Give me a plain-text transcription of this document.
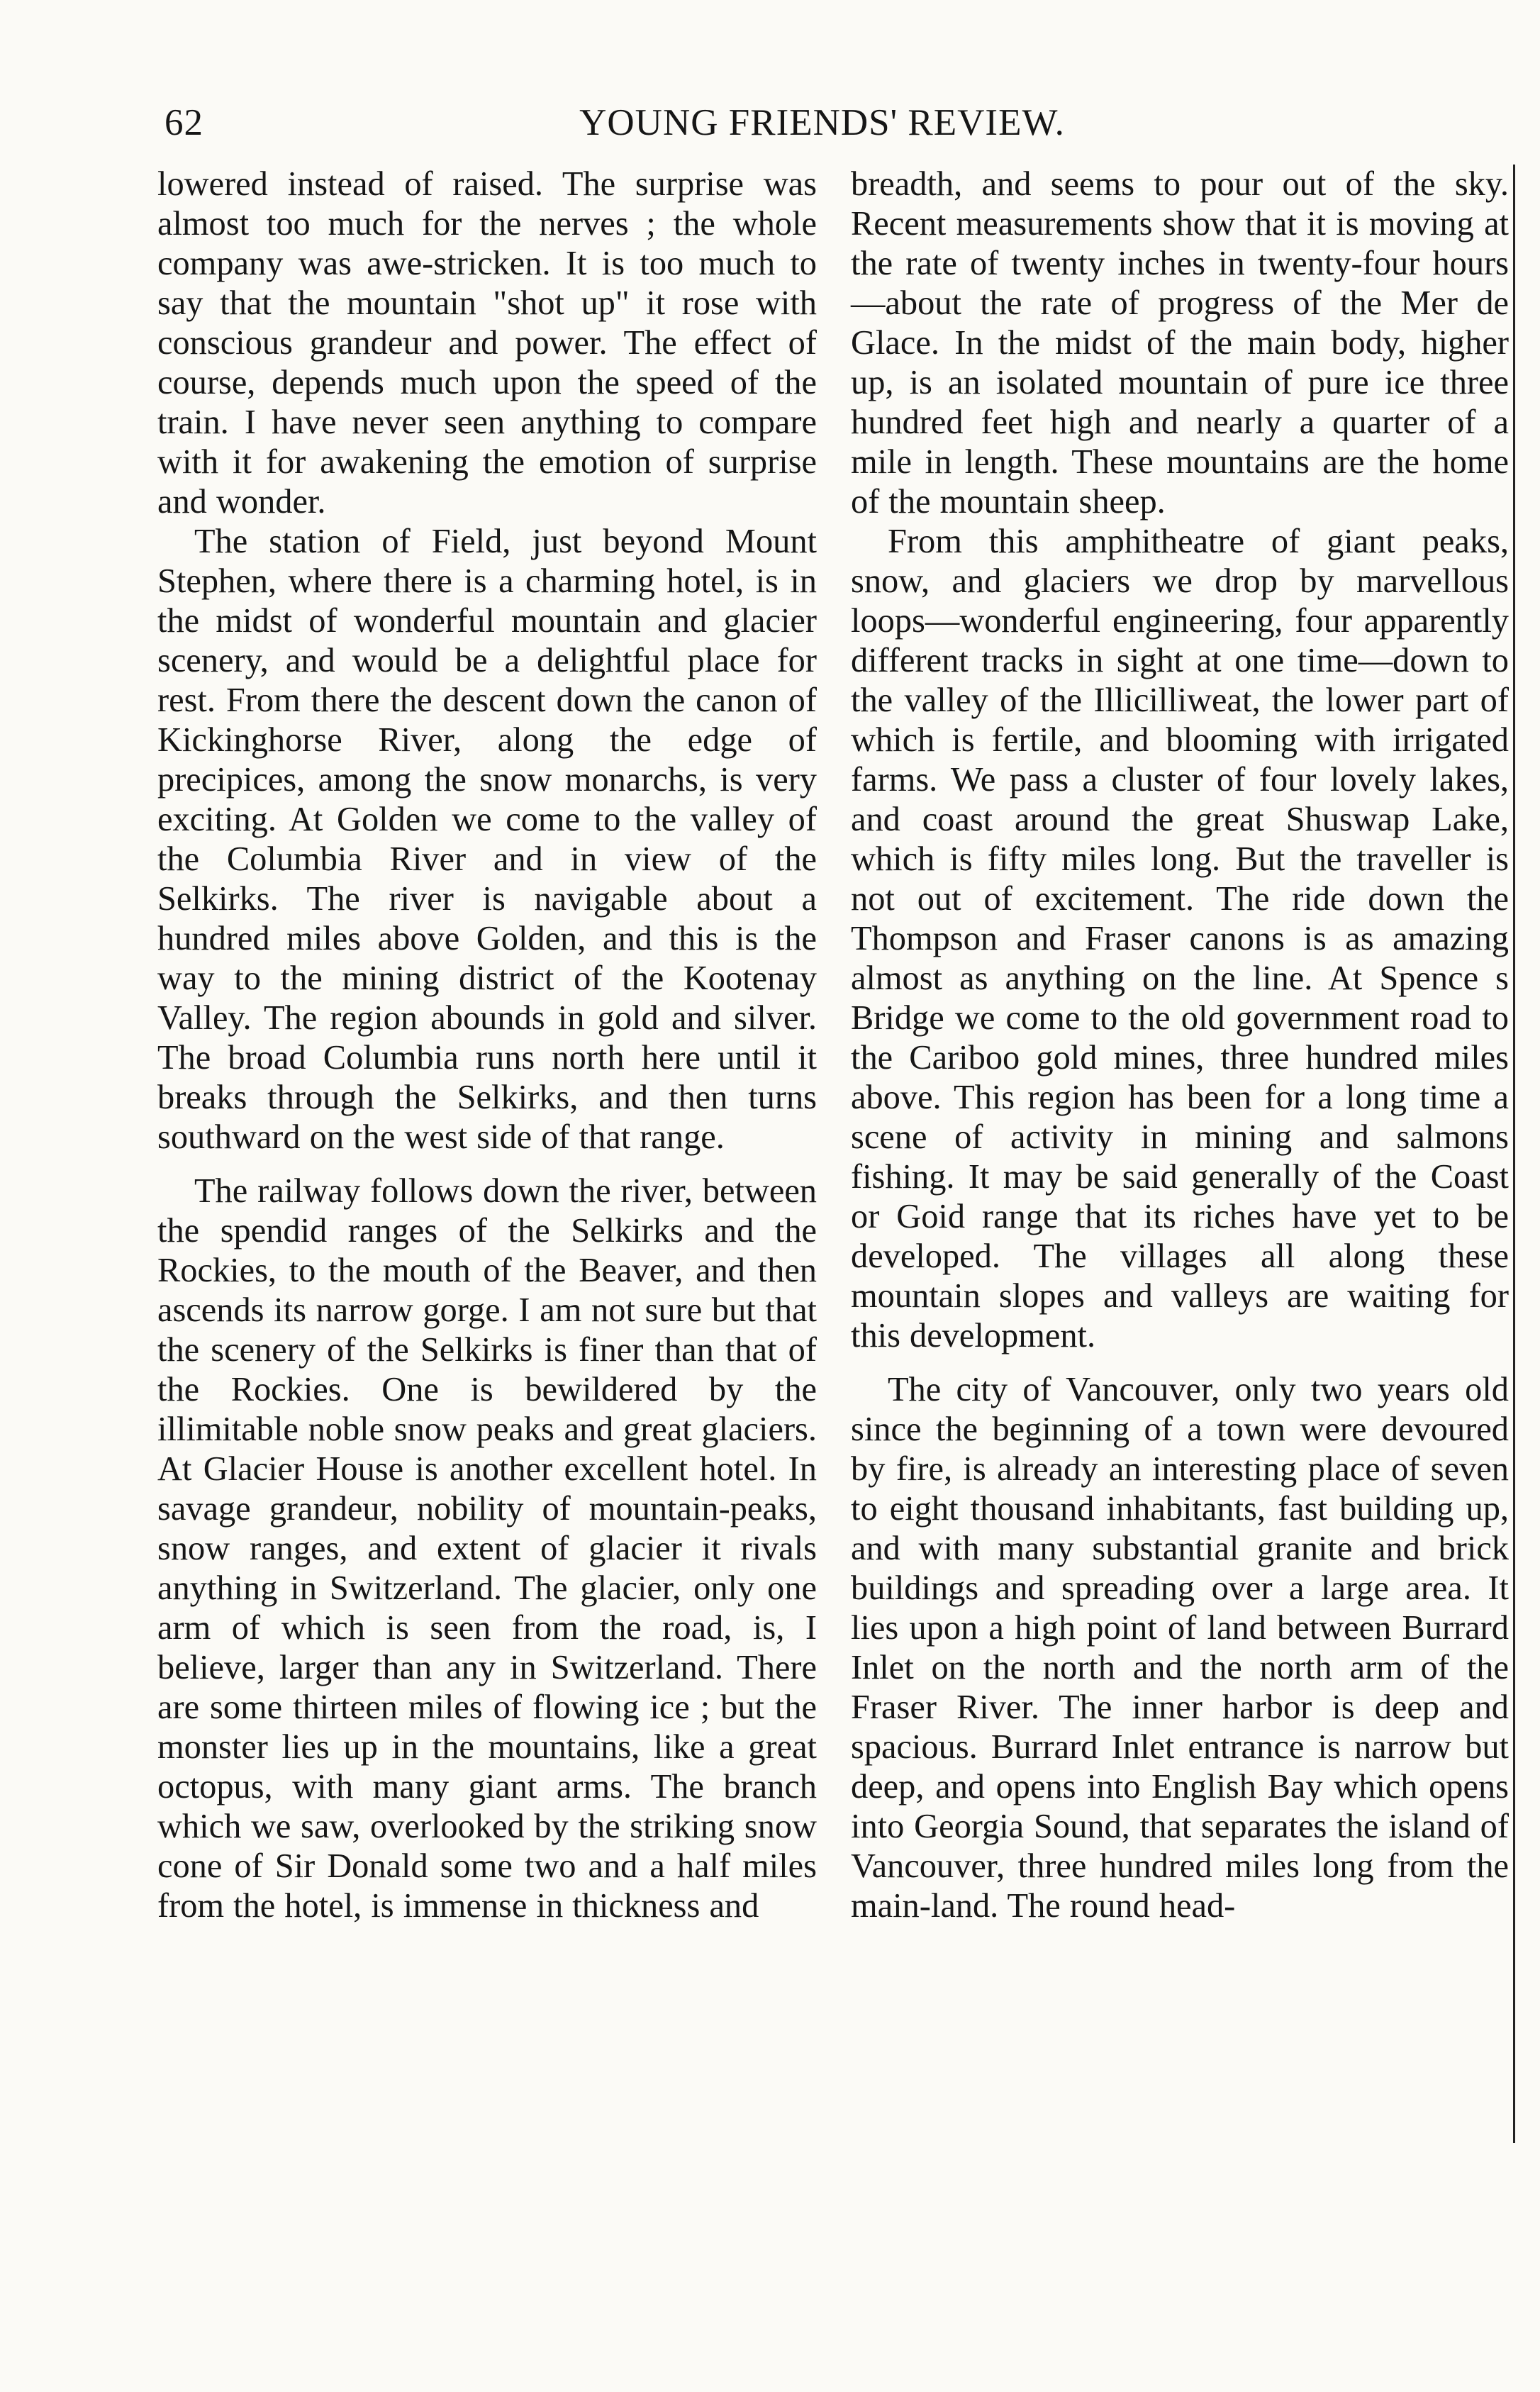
62	YOUNG FRIENDS' REVIEW.

lowered instead of raised. The surprise was almost too much for the nerves ; the whole company was awe-stricken. It is too much to say that the mountain "shot up" it rose with conscious grandeur and power. The effect of course, depends much upon the speed of the train. I have never seen anything to compare with it for awakening the emotion of surprise and wonder.

The station of Field, just beyond Mount Stephen, where there is a charming hotel, is in the midst of wonderful mountain and glacier scenery, and would be a delightful place for rest. From there the descent down the canon of Kickinghorse River, along the edge of precipices, among the snow monarchs, is very exciting. At Golden we come to the valley of the Columbia River and in view of the Selkirks. The river is navigable about a hundred miles above Golden, and this is the way to the mining district of the Kootenay Valley. The region abounds in gold and silver. The broad Columbia runs north here until it breaks through the Selkirks, and then turns southward on the west side of that range.

The railway follows down the river, between the spendid ranges of the Selkirks and the Rockies, to the mouth of the Beaver, and then ascends its narrow gorge. I am not sure but that the scenery of the Selkirks is finer than that of the Rockies. One is bewildered by the illimitable noble snow peaks and great glaciers. At Glacier House is another excellent hotel. In savage grandeur, nobility of mountain-peaks, snow ranges, and extent of glacier it rivals anything in Switzerland. The glacier, only one arm of which is seen from the road, is, I believe, larger than any in Switzerland. There are some thirteen miles of flowing ice ; but the monster lies up in the mountains, like a great octopus, with many giant arms. The branch which we saw, overlooked by the striking snow cone of Sir Donald some two and a half miles from the hotel, is immense in thickness and

breadth, and seems to pour out of the sky. Recent measurements show that it is moving at the rate of twenty inches in twenty-four hours—about the rate of progress of the Mer de Glace. In the midst of the main body, higher up, is an isolated mountain of pure ice three hundred feet high and nearly a quarter of a mile in length. These mountains are the home of the mountain sheep.

From this amphitheatre of giant peaks, snow, and glaciers we drop by marvellous loops—wonderful engineering, four apparently different tracks in sight at one time—down to the valley of the Illicilliweat, the lower part of which is fertile, and blooming with irrigated farms. We pass a cluster of four lovely lakes, and coast around the great Shuswap Lake, which is fifty miles long. But the traveller is not out of excitement. The ride down the Thompson and Fraser canons is as amazing almost as anything on the line. At Spence s Bridge we come to the old government road to the Cariboo gold mines, three hundred miles above. This region has been for a long time a scene of activity in mining and salmons fishing. It may be said generally of the Coast or Goid range that its riches have yet to be developed. The villages all along these mountain slopes and valleys are waiting for this development.

The city of Vancouver, only two years old since the beginning of a town were devoured by fire, is already an interesting place of seven to eight thousand inhabitants, fast building up, and with many substantial granite and brick buildings and spreading over a large area. It lies upon a high point of land between Burrard Inlet on the north and the north arm of the Fraser River. The inner harbor is deep and spacious. Burrard Inlet entrance is narrow but deep, and opens into English Bay which opens into Georgia Sound, that separates the island of Vancouver, three hundred miles long from the main-land. The round head-
